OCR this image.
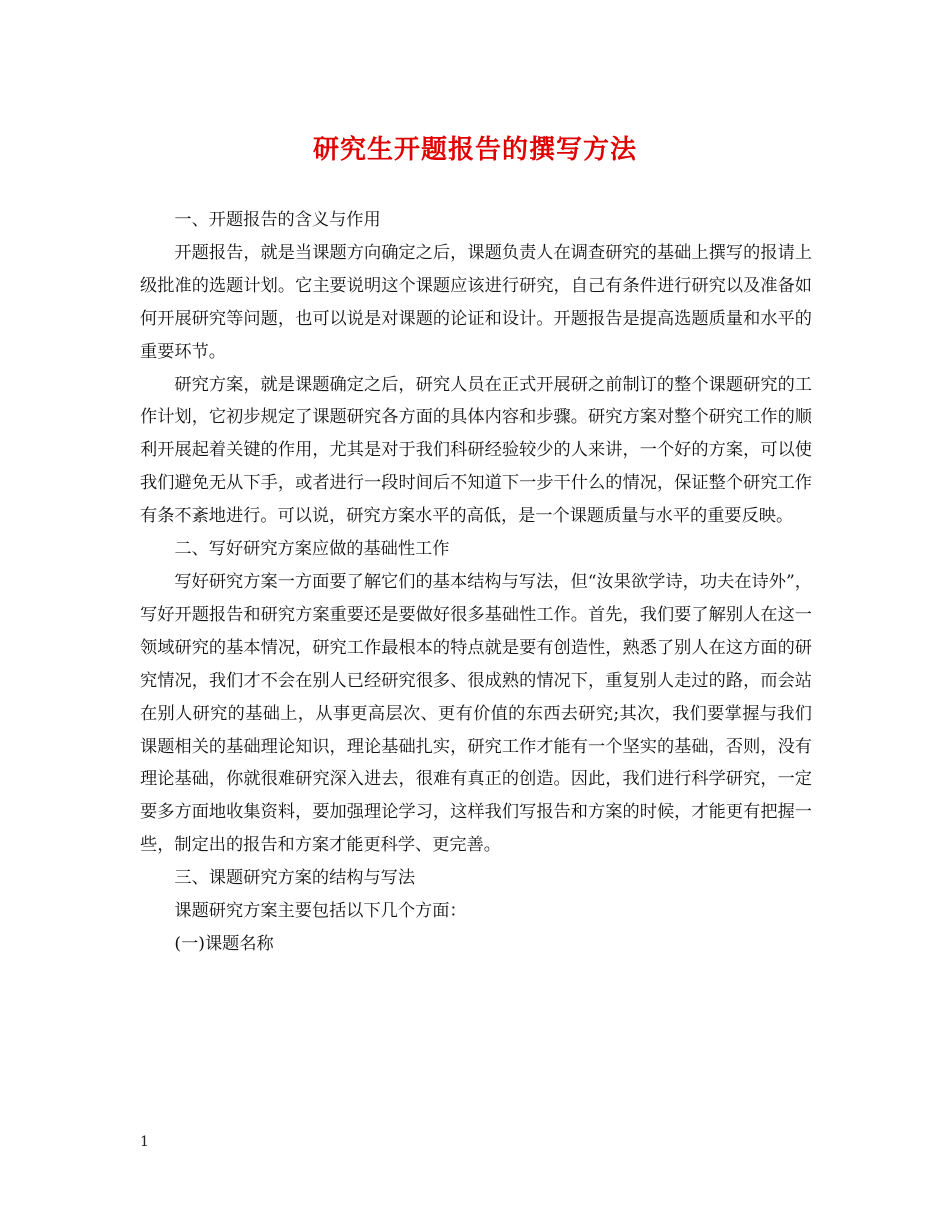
研究生开题报告的撰写方法

一、开题报告的含义与作用

开题报告，就是当课题方向确定之后，课题负责人在调查研究的基础上撰写的报请上级批准的选题计划。它主要说明这个课题应该进行研究，自己有条件进行研究以及准备如何开展研究等问题，也可以说是对课题的论证和设计。开题报告是提高选题质量和水平的重要环节。

研究方案，就是课题确定之后，研究人员在正式开展研之前制订的整个课题研究的工作计划，它初步规定了课题研究各方面的具体内容和步骤。研究方案对整个研究工作的顺利开展起着关键的作用，尤其是对于我们科研经验较少的人来讲，一个好的方案，可以使我们避免无从下手，或者进行一段时间后不知道下一步干什么的情况，保证整个研究工作有条不紊地进行。可以说，研究方案水平的高低，是一个课题质量与水平的重要反映。

二、写好研究方案应做的基础性工作

写好研究方案一方面要了解它们的基本结构与写法，但“汝果欲学诗，功夫在诗外”，写好开题报告和研究方案重要还是要做好很多基础性工作。首先，我们要了解别人在这一领域研究的基本情况，研究工作最根本的特点就是要有创造性，熟悉了别人在这方面的研究情况，我们才不会在别人已经研究很多、很成熟的情况下，重复别人走过的路，而会站在别人研究的基础上，从事更高层次、更有价值的东西去研究;其次，我们要掌握与我们课题相关的基础理论知识，理论基础扎实，研究工作才能有一个坚实的基础，否则，没有理论基础，你就很难研究深入进去，很难有真正的创造。因此，我们进行科学研究，一定要多方面地收集资料，要加强理论学习，这样我们写报告和方案的时候，才能更有把握一些，制定出的报告和方案才能更科学、更完善。

三、课题研究方案的结构与写法

课题研究方案主要包括以下几个方面：

(一)课题名称

1
